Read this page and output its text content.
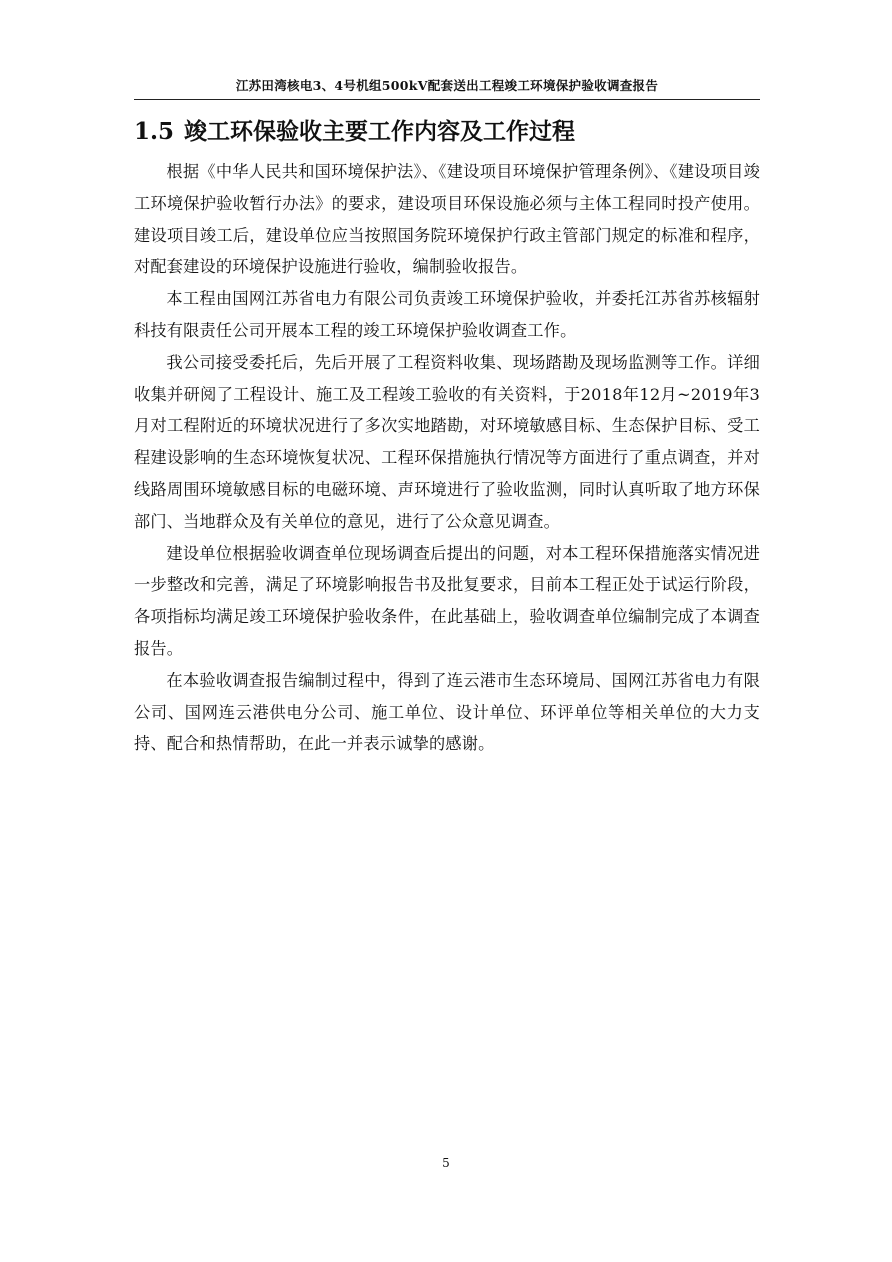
江苏田湾核电3、4号机组500kV配套送出工程竣工环境保护验收调查报告
1.5 竣工环保验收主要工作内容及工作过程

根据《中华人民共和国环境保护法》、《建设项目环境保护管理条例》、《建设项目竣工环境保护验收暂行办法》的要求，建设项目环保设施必须与主体工程同时投产使用。建设项目竣工后，建设单位应当按照国务院环境保护行政主管部门规定的标准和程序，对配套建设的环境保护设施进行验收，编制验收报告。

本工程由国网江苏省电力有限公司负责竣工环境保护验收，并委托江苏省苏核辐射科技有限责任公司开展本工程的竣工环境保护验收调查工作。

我公司接受委托后，先后开展了工程资料收集、现场踏勘及现场监测等工作。详细收集并研阅了工程设计、施工及工程竣工验收的有关资料，于2018年12月~2019年3月对工程附近的环境状况进行了多次实地踏勘，对环境敏感目标、生态保护目标、受工程建设影响的生态环境恢复状况、工程环保措施执行情况等方面进行了重点调查，并对线路周围环境敏感目标的电磁环境、声环境进行了验收监测，同时认真听取了地方环保部门、当地群众及有关单位的意见，进行了公众意见调查。

建设单位根据验收调查单位现场调查后提出的问题，对本工程环保措施落实情况进一步整改和完善，满足了环境影响报告书及批复要求，目前本工程正处于试运行阶段，各项指标均满足竣工环境保护验收条件，在此基础上，验收调查单位编制完成了本调查报告。

在本验收调查报告编制过程中，得到了连云港市生态环境局、国网江苏省电力有限公司、国网连云港供电分公司、施工单位、设计单位、环评单位等相关单位的大力支持、配合和热情帮助，在此一并表示诚挚的感谢。

5
